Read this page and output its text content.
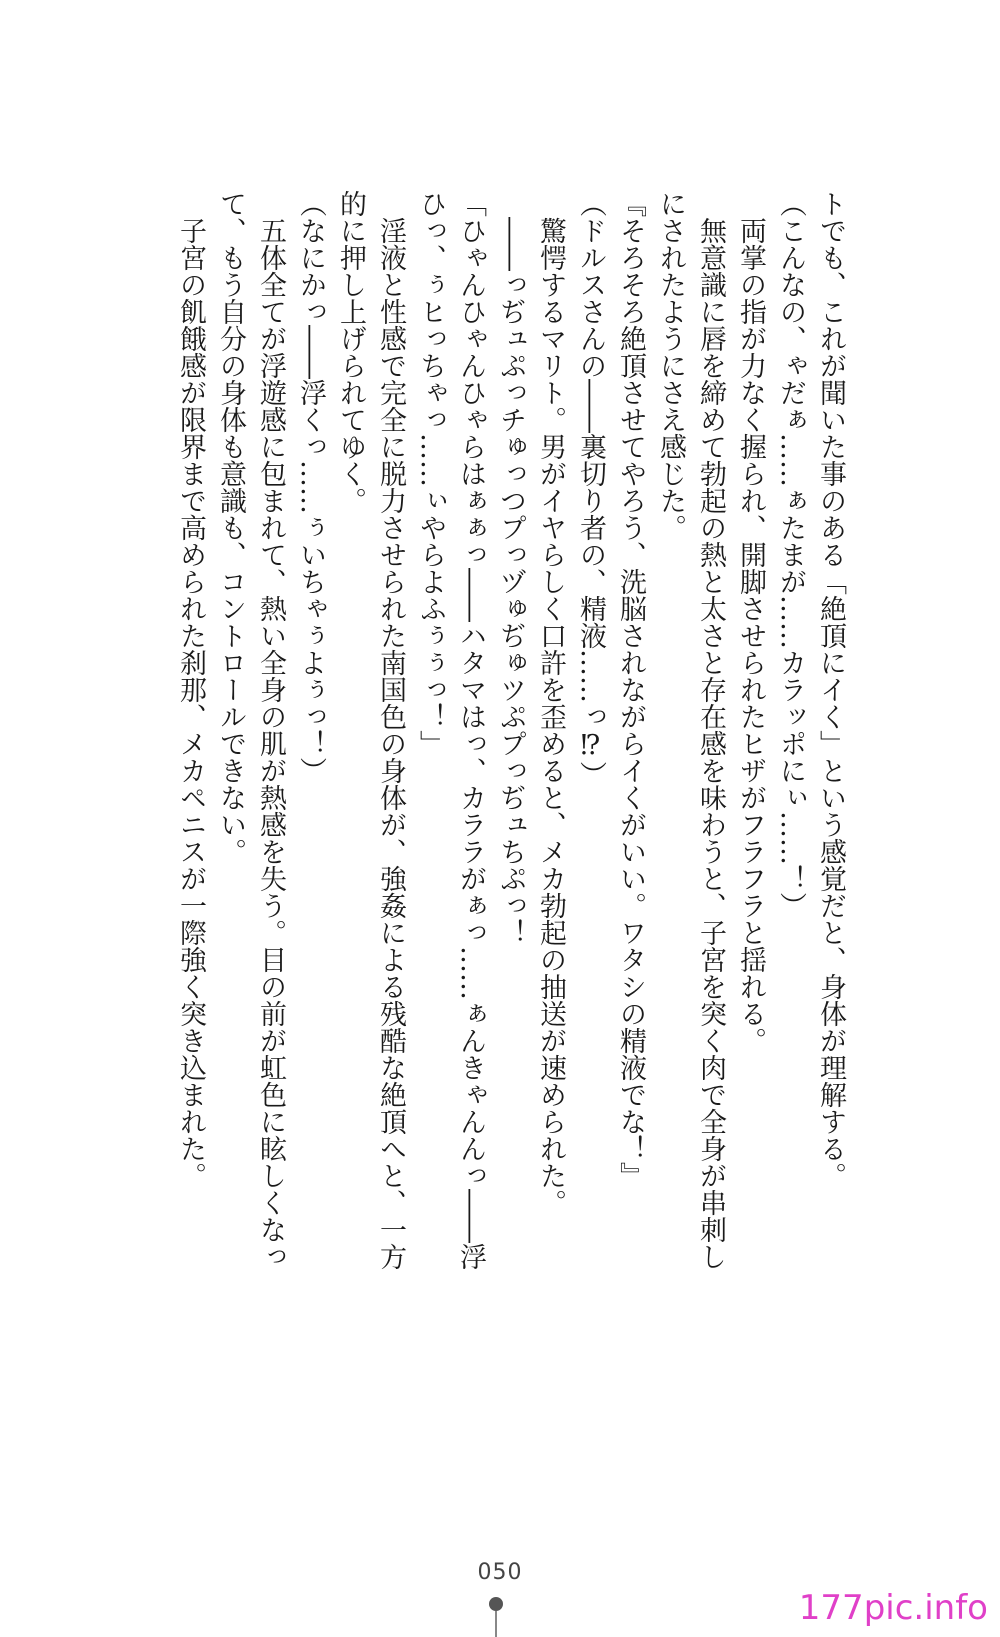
トでも、これが聞いた事のある「絶頂にイく」という感覚だと、身体が理解する。
（こんなの、ゃだぁ……ぁたまが……カラッポにぃ……！）
両掌の指が力なく握られ、開脚させられたヒザがフラフラと揺れる。
無意識に唇を締めて勃起の熱と太さと存在感を味わうと、子宮を突く肉で全身が串刺し
にされたようにさえ感じた。
『そろそろ絶頂させてやろう、洗脳されながらイくがいい。ワタシの精液でな！』
（ドルスさんの――裏切り者の、精液……っ⁉）
驚愕するマリト。男がイヤらしく口許を歪めると、メカ勃起の抽送が速められた。
――っぢュぷっチゅっつプっヅゅぢゅツぷプっぢュちぷっ！
「ひゃんひゃんひゃらはぁぁっ――ハタマはっ、カララがぁっ……ぁんきゃんんっ――浮
ひっ、ぅヒっちゃっ……ぃやらよふぅぅっ！」
淫液と性感で完全に脱力させられた南国色の身体が、強姦による残酷な絶頂へと、一方
的に押し上げられてゆく。
（なにかっ――浮くっ……ぅいちゃぅよぅっ！）
五体全てが浮遊感に包まれて、熱い全身の肌が熱感を失う。目の前が虹色に眩しくなっ
て、もう自分の身体も意識も、コントロールできない。
子宮の飢餓感が限界まで高められた刹那、メカペニスが一際強く突き込まれた。
050
177pic.info
